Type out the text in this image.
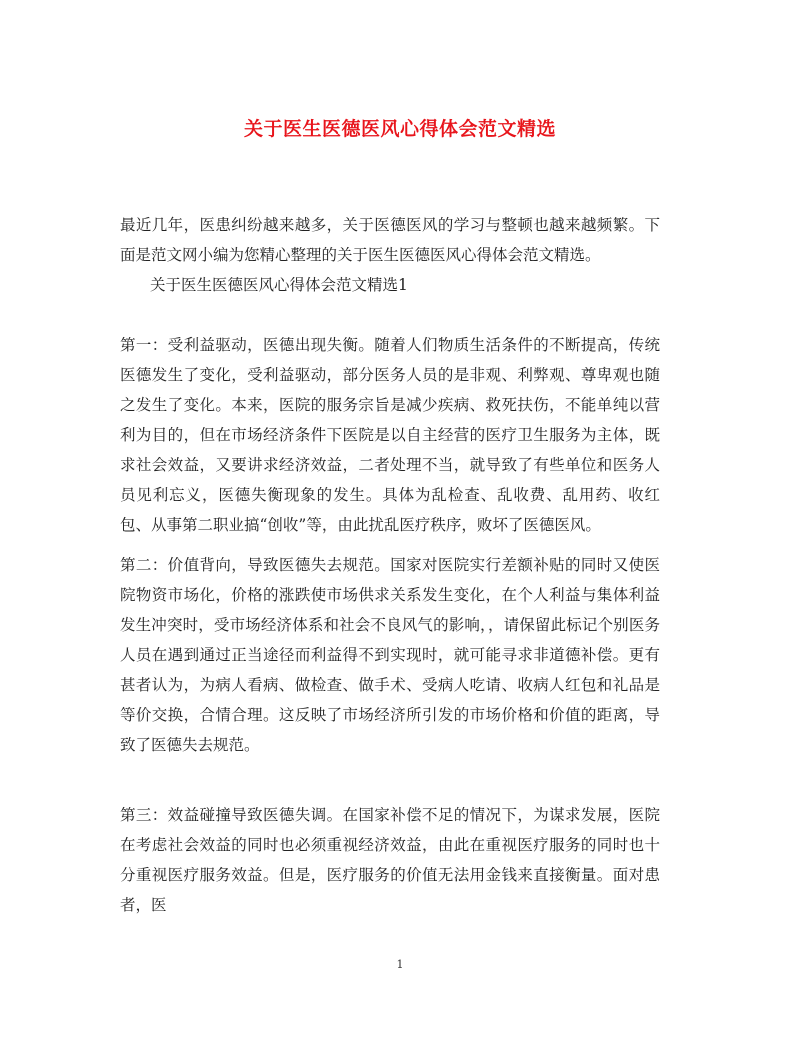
关于医生医德医风心得体会范文精选

最近几年，医患纠纷越来越多，关于医德医风的学习与整顿也越来越频繁。下面是范文网小编为您精心整理的关于医生医德医风心得体会范文精选。

关于医生医德医风心得体会范文精选1

第一：受利益驱动，医德出现失衡。随着人们物质生活条件的不断提高，传统医德发生了变化，受利益驱动，部分医务人员的是非观、利弊观、尊卑观也随之发生了变化。本来，医院的服务宗旨是减少疾病、救死扶伤，不能单纯以营利为目的，但在市场经济条件下医院是以自主经营的医疗卫生服务为主体，既求社会效益，又要讲求经济效益，二者处理不当，就导致了有些单位和医务人员见利忘义，医德失衡现象的发生。具体为乱检查、乱收费、乱用药、收红包、从事第二职业搞“创收”等，由此扰乱医疗秩序，败坏了医德医风。

第二：价值背向，导致医德失去规范。国家对医院实行差额补贴的同时又使医院物资市场化，价格的涨跌使市场供求关系发生变化，在个人利益与集体利益发生冲突时，受市场经济体系和社会不良风气的影响，，请保留此标记个别医务人员在遇到通过正当途径而利益得不到实现时，就可能寻求非道德补偿。更有甚者认为，为病人看病、做检查、做手术、受病人吃请、收病人红包和礼品是等价交换，合情合理。这反映了市场经济所引发的市场价格和价值的距离，导致了医德失去规范。

第三：效益碰撞导致医德失调。在国家补偿不足的情况下，为谋求发展，医院在考虑社会效益的同时也必须重视经济效益，由此在重视医疗服务的同时也十分重视医疗服务效益。但是，医疗服务的价值无法用金钱来直接衡量。面对患者，医

1
